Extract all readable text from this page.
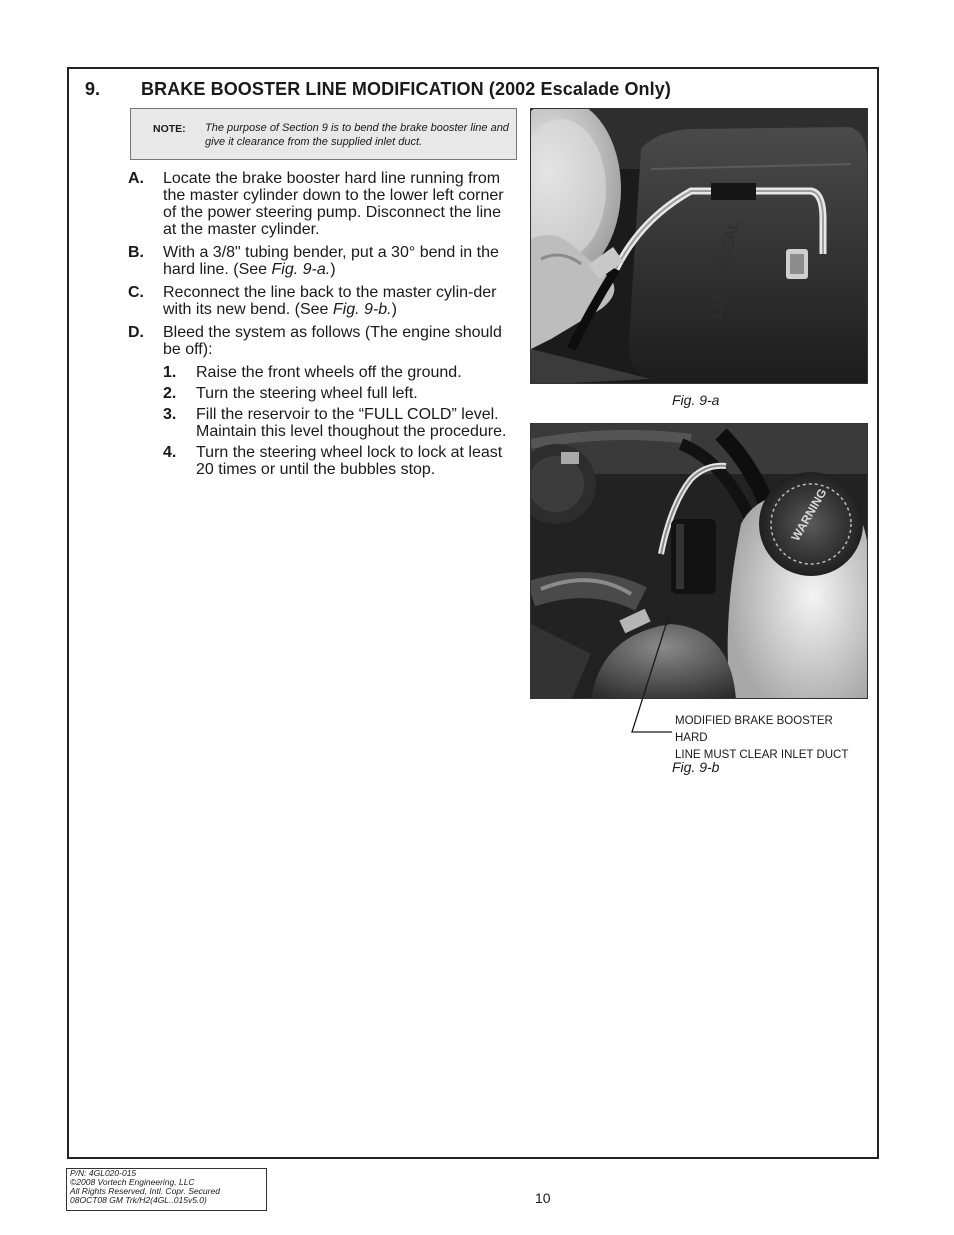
9. BRAKE BOOSTER LINE MODIFICATION (2002 Escalade Only)
NOTE: The purpose of Section 9 is to bend the brake booster line and give it clearance from the supplied inlet duct.
A. Locate the brake booster hard line running from the master cylinder down to the lower left corner of the power steering pump. Disconnect the line at the master cylinder.
B. With a 3/8" tubing bender, put a 30° bend in the hard line. (See Fig. 9-a.)
C. Reconnect the line back to the master cylin-der with its new bend. (See Fig. 9-b.)
D. Bleed the system as follows (The engine should be off):
1. Raise the front wheels off the ground.
2. Turn the steering wheel full left.
3. Fill the reservoir to the “FULL COLD” level. Maintain this level thoughout the procedure.
4. Turn the steering wheel lock to lock at least 20 times or until the bubbles stop.
ELECTRICAL
Fig. 9-a
WARNING
MODIFIED BRAKE BOOSTER HARD
LINE MUST CLEAR INLET DUCT
Fig. 9-b
P/N: 4GL020-015
©2008 Vortech Engineering, LLC
All Rights Reserved, Intl. Copr. Secured
08OCT08 GM Trk/H2(4GL..015v5.0)	10
